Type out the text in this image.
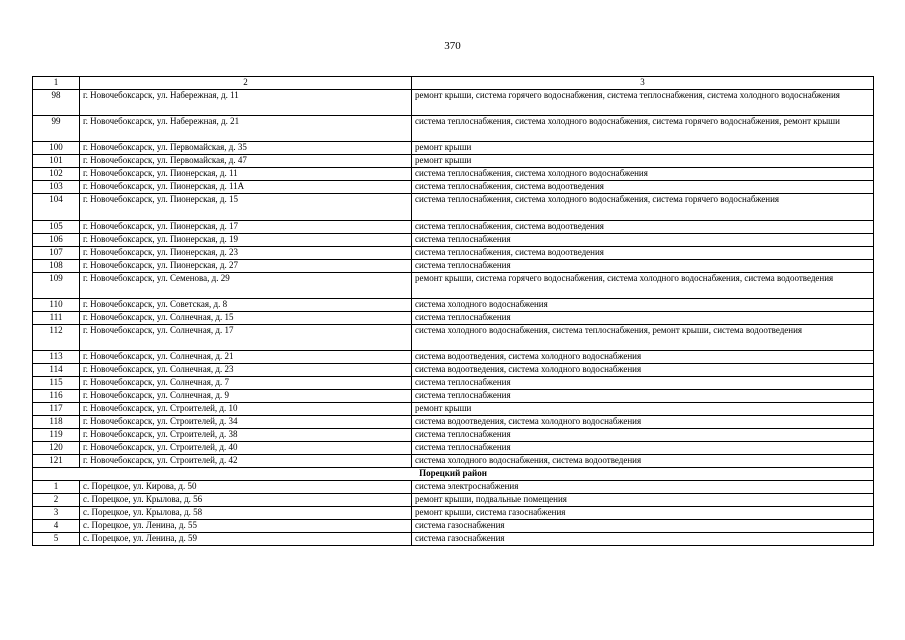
370
1	2	3
98	г. Новочебоксарск, ул. Набережная, д. 11	ремонт крыши, система горячего водоснабжения, система теплоснабжения, система холодного водоснабжения
99	г. Новочебоксарск, ул. Набережная, д. 21	система теплоснабжения, система холодного водоснабжения, система горячего водоснабжения, ремонт крыши
100	г. Новочебоксарск, ул. Первомайская, д. 35	ремонт крыши
101	г. Новочебоксарск, ул. Первомайская, д. 47	ремонт крыши
102	г. Новочебоксарск, ул. Пионерская, д. 11	система теплоснабжения, система холодного водоснабжения
103	г. Новочебоксарск, ул. Пионерская, д. 11А	система теплоснабжения, система водоотведения
104	г. Новочебоксарск, ул. Пионерская, д. 15	система теплоснабжения, система холодного водоснабжения, система горячего водоснабжения
105	г. Новочебоксарск, ул. Пионерская, д. 17	система теплоснабжения, система водоотведения
106	г. Новочебоксарск, ул. Пионерская, д. 19	система теплоснабжения
107	г. Новочебоксарск, ул. Пионерская, д. 23	система теплоснабжения, система водоотведения
108	г. Новочебоксарск, ул. Пионерская, д. 27	система теплоснабжения
109	г. Новочебоксарск, ул. Семенова, д. 29	ремонт крыши, система горячего водоснабжения, система холодного водоснабжения, система водоотведения
110	г. Новочебоксарск, ул. Советская, д. 8	система холодного водоснабжения
111	г. Новочебоксарск, ул. Солнечная, д. 15	система теплоснабжения
112	г. Новочебоксарск, ул. Солнечная, д. 17	система холодного водоснабжения, система теплоснабжения, ремонт крыши, система водоотведения
113	г. Новочебоксарск, ул. Солнечная, д. 21	система водоотведения, система холодного водоснабжения
114	г. Новочебоксарск, ул. Солнечная, д. 23	система водоотведения, система холодного водоснабжения
115	г. Новочебоксарск, ул. Солнечная, д. 7	система теплоснабжения
116	г. Новочебоксарск, ул. Солнечная, д. 9	система теплоснабжения
117	г. Новочебоксарск, ул. Строителей, д. 10	ремонт крыши
118	г. Новочебоксарск, ул. Строителей, д. 34	система водоотведения, система холодного водоснабжения
119	г. Новочебоксарск, ул. Строителей, д. 38	система теплоснабжения
120	г. Новочебоксарск, ул. Строителей, д. 40	система теплоснабжения
121	г. Новочебоксарск, ул. Строителей, д. 42	система холодного водоснабжения, система водоотведения
Порецкий район		
1	с. Порецкое, ул. Кирова, д. 50	система электроснабжения
2	с. Порецкое, ул. Крылова, д. 56	ремонт крыши, подвальные помещения
3	с. Порецкое, ул. Крылова, д. 58	ремонт крыши, система газоснабжения
4	с. Порецкое, ул. Ленина, д. 55	система газоснабжения
5	с. Порецкое, ул. Ленина, д. 59	система газоснабжения
